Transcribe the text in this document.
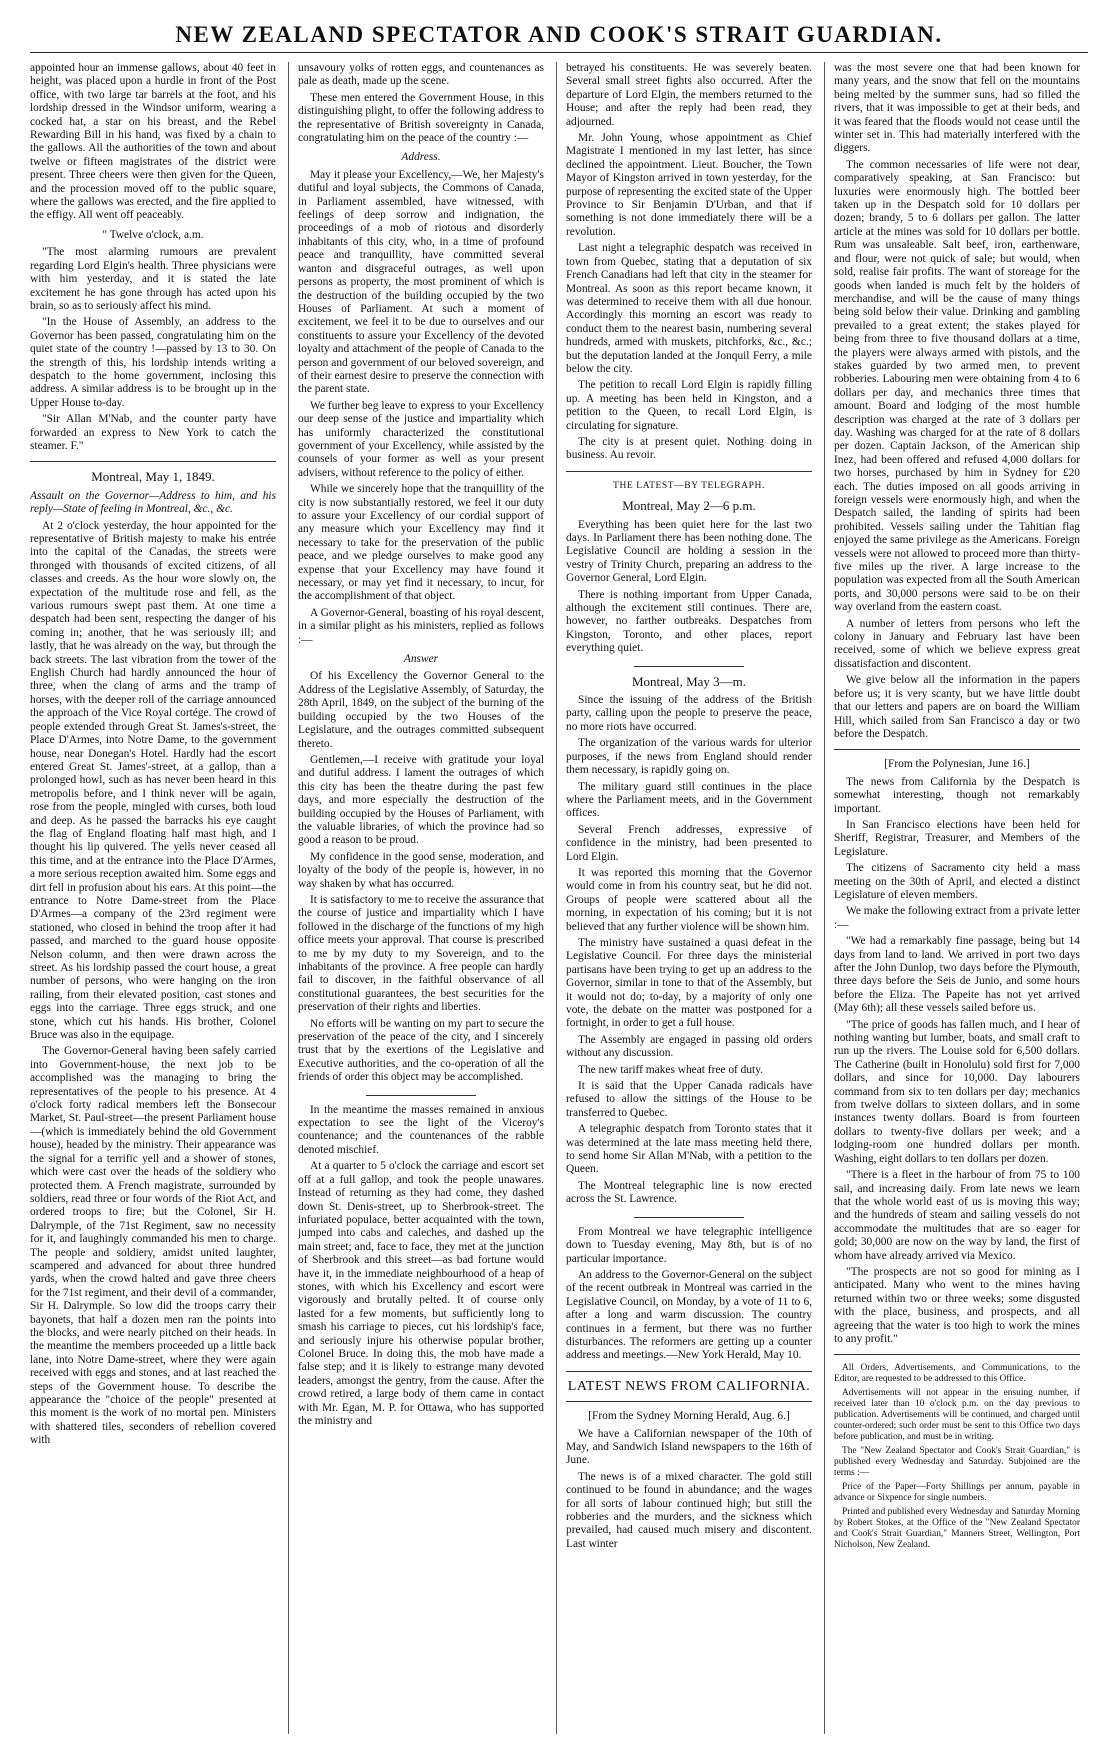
NEW ZEALAND SPECTATOR AND COOK'S STRAIT GUARDIAN.

appointed hour an immense gallows, about 40 feet in height, was placed upon a hurdle in front of the Post office, with two large tar barrels at the foot, and his lordship dressed in the Windsor uniform, wearing a cocked hat, a star on his breast, and the Rebel Rewarding Bill in his hand, was fixed by a chain to the gallows. All the authorities of the town and about twelve or fifteen magistrates of the district were present. Three cheers were then given for the Queen, and the procession moved off to the public square, where the gallows was erected, and the fire applied to the effigy. All went off peaceably.

" Twelve o'clock, a.m.

"The most alarming rumours are prevalent regarding Lord Elgin's health. Three physicians were with him yesterday, and it is stated the late excitement he has gone through has acted upon his brain, so as to seriously affect his mind.

"In the House of Assembly, an address to the Governor has been passed, congratulating him on the quiet state of the country !—passed by 13 to 30. On the strength of this, his lordship intends writing a despatch to the home government, inclosing this address. A similar address is to be brought up in the Upper House to-day.

"Sir Allan M'Nab, and the counter party have forwarded an express to New York to catch the steamer. F."

Montreal, May 1, 1849.

Assault on the Governor—Address to him, and his reply—State of feeling in Montreal, &c., &c.

At 2 o'clock yesterday, the hour appointed for the representative of British majesty to make his entrée into the capital of the Canadas, the streets were thronged with thousands of excited citizens, of all classes and creeds. As the hour wore slowly on, the expectation of the multitude rose and fell, as the various rumours swept past them. At one time a despatch had been sent, respecting the danger of his coming in; another, that he was seriously ill; and lastly, that he was already on the way, but through the back streets. The last vibration from the tower of the English Church had hardly announced the hour of three, when the clang of arms and the tramp of horses, with the deeper roll of the carriage announced the approach of the Vice Royal cortége. The crowd of people extended through Great St. James's-street, the Place D'Armes, into Notre Dame, to the government house, near Donegan's Hotel. Hardly had the escort entered Great St. James'-street, at a gallop, than a prolonged howl, such as has never been heard in this metropolis before, and I think never will be again, rose from the people, mingled with curses, both loud and deep. As he passed the barracks his eye caught the flag of England floating half mast high, and I thought his lip quivered. The yells never ceased all this time, and at the entrance into the Place D'Armes, a more serious reception awaited him. Some eggs and dirt fell in profusion about his ears. At this point—the entrance to Notre Dame-street from the Place D'Armes—a company of the 23rd regiment were stationed, who closed in behind the troop after it had passed, and marched to the guard house opposite Nelson column, and then were drawn across the street. As his lordship passed the court house, a great number of persons, who were hanging on the iron railing, from their elevated position, cast stones and eggs into the carriage. Three eggs struck, and one stone, which cut his hands. His brother, Colonel Bruce was also in the equipage.

The Governor-General having been safely carried into Government-house, the next job to be accomplished was the managing to bring the representatives of the people to his presence. At 4 o'clock forty radical members left the Bonsecour Market, St. Paul-street—the present Parliament house—(which is immediately behind the old Government house), headed by the ministry. Their appearance was the signal for a terrific yell and a shower of stones, which were cast over the heads of the soldiery who protected them. A French magistrate, surrounded by soldiers, read three or four words of the Riot Act, and ordered troops to fire; but the Colonel, Sir H. Dalrymple, of the 71st Regiment, saw no necessity for it, and laughingly commanded his men to charge. The people and soldiery, amidst united laughter, scampered and advanced for about three hundred yards, when the crowd halted and gave three cheers for the 71st regiment, and their devil of a commander, Sir H. Dalrymple. So low did the troops carry their bayonets, that half a dozen men ran the points into the blocks, and were nearly pitched on their heads. In the meantime the members proceeded up a little back lane, into Notre Dame-street, where they were again received with eggs and stones, and at last reached the steps of the Government house. To describe the appearance the "choice of the people" presented at this moment is the work of no mortal pen. Ministers with shattered tiles, seconders of rebellion covered with

unsavoury yolks of rotten eggs, and countenances as pale as death, made up the scene.

These men entered the Government House, in this distinguishing plight, to offer the following address to the representative of British sovereignty in Canada, congratulating him on the peace of the country :—

Address.

May it please your Excellency,—We, her Majesty's dutiful and loyal subjects, the Commons of Canada, in Parliament assembled, have witnessed, with feelings of deep sorrow and indignation, the proceedings of a mob of riotous and disorderly inhabitants of this city, who, in a time of profound peace and tranquillity, have committed several wanton and disgraceful outrages, as well upon persons as property, the most prominent of which is the destruction of the building occupied by the two Houses of Parliament. At such a moment of excitement, we feel it to be due to ourselves and our constituents to assure your Excellency of the devoted loyalty and attachment of the people of Canada to the person and government of our beloved sovereign, and of their earnest desire to preserve the connection with the parent state.

We further beg leave to express to your Excellency our deep sense of the justice and impartiality which has uniformly characterized the constitutional government of your Excellency, while assisted by the counsels of your former as well as your present advisers, without reference to the policy of either.

While we sincerely hope that the tranquillity of the city is now substantially restored, we feel it our duty to assure your Excellency of our cordial support of any measure which your Excellency may find it necessary to take for the preservation of the public peace, and we pledge ourselves to make good any expense that your Excellency may have found it necessary, or may yet find it necessary, to incur, for the accomplishment of that object.

A Governor-General, boasting of his royal descent, in a similar plight as his ministers, replied as follows :—

Answer

Of his Excellency the Governor General to the Address of the Legislative Assembly, of Saturday, the 28th April, 1849, on the subject of the burning of the building occupied by the two Houses of the Legislature, and the outrages committed subsequent thereto.

Gentlemen,—I receive with gratitude your loyal and dutiful address. I lament the outrages of which this city has been the theatre during the past few days, and more especially the destruction of the building occupied by the Houses of Parliament, with the valuable libraries, of which the province had so good a reason to be proud.

My confidence in the good sense, moderation, and loyalty of the body of the people is, however, in no way shaken by what has occurred.

It is satisfactory to me to receive the assurance that the course of justice and impartiality which I have followed in the discharge of the functions of my high office meets your approval. That course is prescribed to me by my duty to my Sovereign, and to the inhabitants of the province. A free people can hardly fail to discover, in the faithful observance of all constitutional guarantees, the best securities for the preservation of their rights and liberties.

No efforts will be wanting on my part to secure the preservation of the peace of the city, and I sincerely trust that by the exertions of the Legislative and Executive authorities, and the co-operation of all the friends of order this object may be accomplished.

In the meantime the masses remained in anxious expectation to see the light of the Viceroy's countenance; and the countenances of the rabble denoted mischief.

At a quarter to 5 o'clock the carriage and escort set off at a full gallop, and took the people unawares. Instead of returning as they had come, they dashed down St. Denis-street, up to Sherbrook-street. The infuriated populace, better acquainted with the town, jumped into cabs and caleches, and dashed up the main street; and, face to face, they met at the junction of Sherbrook and this street—as bad fortune would have it, in the immediate neighbourhood of a heap of stones, with which his Excellency and escort were vigorously and brutally pelted. It of course only lasted for a few moments, but sufficiently long to smash his carriage to pieces, cut his lordship's face, and seriously injure his otherwise popular brother, Colonel Bruce. In doing this, the mob have made a false step; and it is likely to estrange many devoted leaders, amongst the gentry, from the cause. After the crowd retired, a large body of them came in contact with Mr. Egan, M. P. for Ottawa, who has supported the ministry and

betrayed his constituents. He was severely beaten. Several small street fights also occurred. After the departure of Lord Elgin, the members returned to the House; and after the reply had been read, they adjourned.

Mr. John Young, whose appointment as Chief Magistrate I mentioned in my last letter, has since declined the appointment. Lieut. Boucher, the Town Mayor of Kingston arrived in town yesterday, for the purpose of representing the excited state of the Upper Province to Sir Benjamin D'Urban, and that if something is not done immediately there will be a revolution.

Last night a telegraphic despatch was received in town from Quebec, stating that a deputation of six French Canadians had left that city in the steamer for Montreal. As soon as this report became known, it was determined to receive them with all due honour. Accordingly this morning an escort was ready to conduct them to the nearest basin, numbering several hundreds, armed with muskets, pitchforks, &c., &c.; but the deputation landed at the Jonquil Ferry, a mile below the city.

The petition to recall Lord Elgin is rapidly filling up. A meeting has been held in Kingston, and a petition to the Queen, to recall Lord Elgin, is circulating for signature.

The city is at present quiet. Nothing doing in business. Au revoir.

THE LATEST—BY TELEGRAPH.

Montreal, May 2—6 p.m.

Everything has been quiet here for the last two days. In Parliament there has been nothing done. The Legislative Council are holding a session in the vestry of Trinity Church, preparing an address to the Governor General, Lord Elgin.

There is nothing important from Upper Canada, although the excitement still continues. There are, however, no farther outbreaks. Despatches from Kingston, Toronto, and other places, report everything quiet.

Montreal, May 3—m.

Since the issuing of the address of the British party, calling upon the people to preserve the peace, no more riots have occurred.

The organization of the various wards for ulterior purposes, if the news from England should render them necessary, is rapidly going on.

The military guard still continues in the place where the Parliament meets, and in the Government offices.

Several French addresses, expressive of confidence in the ministry, had been presented to Lord Elgin.

It was reported this morning that the Governor would come in from his country seat, but he did not. Groups of people were scattered about all the morning, in expectation of his coming; but it is not believed that any further violence will be shown him.

The ministry have sustained a quasi defeat in the Legislative Council. For three days the ministerial partisans have been trying to get up an address to the Governor, similar in tone to that of the Assembly, but it would not do; to-day, by a majority of only one vote, the debate on the matter was postponed for a fortnight, in order to get a full house.

The Assembly are engaged in passing old orders without any discussion.

The new tariff makes wheat free of duty.

It is said that the Upper Canada radicals have refused to allow the sittings of the House to be transferred to Quebec.

A telegraphic despatch from Toronto states that it was determined at the late mass meeting held there, to send home Sir Allan M'Nab, with a petition to the Queen.

The Montreal telegraphic line is now erected across the St. Lawrence.

From Montreal we have telegraphic intelligence down to Tuesday evening, May 8th, but is of no particular importance.

An address to the Governor-General on the subject of the recent outbreak in Montreal was carried in the Legislative Council, on Monday, by a vote of 11 to 6, after a long and warm discussion. The country continues in a ferment, but there was no further disturbances. The reformers are getting up a counter address and meetings.—New York Herald, May 10.

LATEST NEWS FROM CALIFORNIA.

[From the Sydney Morning Herald, Aug. 6.]

We have a Californian newspaper of the 10th of May, and Sandwich Island newspapers to the 16th of June.

The news is of a mixed character. The gold still continued to be found in abundance; and the wages for all sorts of labour continued high; but still the robberies and the murders, and the sickness which prevailed, had caused much misery and discontent. Last winter

was the most severe one that had been known for many years, and the snow that fell on the mountains being melted by the summer suns, had so filled the rivers, that it was impossible to get at their beds, and it was feared that the floods would not cease until the winter set in. This had materially interfered with the diggers.

The common necessaries of life were not dear, comparatively speaking, at San Francisco: but luxuries were enormously high. The bottled beer taken up in the Despatch sold for 10 dollars per dozen; brandy, 5 to 6 dollars per gallon. The latter article at the mines was sold for 10 dollars per bottle. Rum was unsaleable. Salt beef, iron, earthenware, and flour, were not quick of sale; but would, when sold, realise fair profits. The want of storeage for the goods when landed is much felt by the holders of merchandise, and will be the cause of many things being sold below their value. Drinking and gambling prevailed to a great extent; the stakes played for being from three to five thousand dollars at a time, the players were always armed with pistols, and the stakes guarded by two armed men, to prevent robberies. Labouring men were obtaining from 4 to 6 dollars per day, and mechanics three times that amount. Board and lodging of the most humble description was charged at the rate of 3 dollars per day. Washing was charged for at the rate of 8 dollars per dozen. Captain Jackson, of the American ship Inez, had been offered and refused 4,000 dollars for two horses, purchased by him in Sydney for £20 each. The duties imposed on all goods arriving in foreign vessels were enormously high, and when the Despatch sailed, the landing of spirits had been prohibited. Vessels sailing under the Tahitian flag enjoyed the same privilege as the Americans. Foreign vessels were not allowed to proceed more than thirty-five miles up the river. A large increase to the population was expected from all the South American ports, and 30,000 persons were said to be on their way overland from the eastern coast.

A number of letters from persons who left the colony in January and February last have been received, some of which we believe express great dissatisfaction and discontent.

We give below all the information in the papers before us; it is very scanty, but we have little doubt that our letters and papers are on board the William Hill, which sailed from San Francisco a day or two before the Despatch.

[From the Polynesian, June 16.]

The news from California by the Despatch is somewhat interesting, though not remarkably important.

In San Francisco elections have been held for Sheriff, Registrar, Treasurer, and Members of the Legislature.

The citizens of Sacramento city held a mass meeting on the 30th of April, and elected a distinct Legislature of eleven members.

We make the following extract from a private letter :—

"We had a remarkably fine passage, being but 14 days from land to land. We arrived in port two days after the John Dunlop, two days before the Plymouth, three days before the Seis de Junio, and some hours before the Eliza. The Papeite has not yet arrived (May 6th); all these vessels sailed before us.

"The price of goods has fallen much, and I hear of nothing wanting but lumber, boats, and small craft to run up the rivers. The Louise sold for 6,500 dollars. The Catherine (built in Honolulu) sold first for 7,000 dollars, and since for 10,000. Day labourers command from six to ten dollars per day; mechanics from twelve dollars to sixteen dollars, and in some instances twenty dollars. Board is from fourteen dollars to twenty-five dollars per week; and a lodging-room one hundred dollars per month. Washing, eight dollars to ten dollars per dozen.

"There is a fleet in the harbour of from 75 to 100 sail, and increasing daily. From late news we learn that the whole world east of us is moving this way; and the hundreds of steam and sailing vessels do not accommodate the multitudes that are so eager for gold; 30,000 are now on the way by land, the first of whom have already arrived via Mexico.

"The prospects are not so good for mining as I anticipated. Many who went to the mines having returned within two or three weeks; some disgusted with the place, business, and prospects, and all agreeing that the water is too high to work the mines to any profit."

All Orders, Advertisements, and Communications, to the Editor, are requested to be addressed to this Office.

Advertisements will not appear in the ensuing number, if received later than 10 o'clock p.m. on the day previous to publication. Advertisements will be continued, and charged until counter-ordered; such order must be sent to this Office two days before publication, and must be in writing.

The "New Zealand Spectator and Cook's Strait Guardian," is published every Wednesday and Saturday. Subjoined are the terms :—

Price of the Paper—Forty Shillings per annum, payable in advance or Sixpence for single numbers.

Printed and published every Wednesday and Saturday Morning by Robert Stokes, at the Office of the "New Zealand Spectator and Cook's Strait Guardian," Manners Street, Wellington, Port Nicholson, New Zealand.
